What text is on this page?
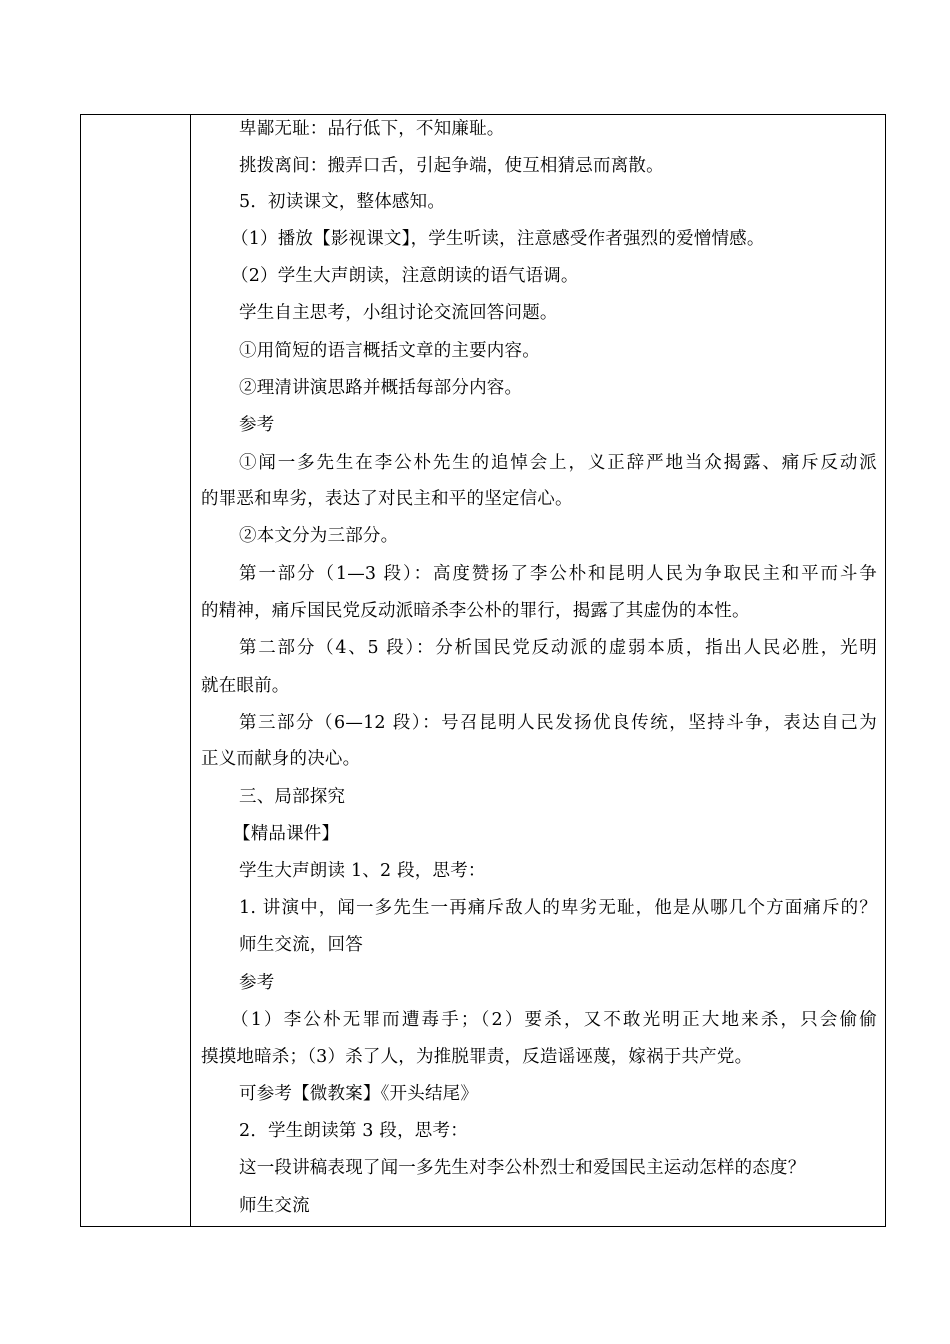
卑鄙无耻：品行低下，不知廉耻。
挑拨离间：搬弄口舌，引起争端，使互相猜忌而离散。
5．初读课文，整体感知。
（1）播放【影视课文】，学生听读，注意感受作者强烈的爱憎情感。
（2）学生大声朗读，注意朗读的语气语调。
学生自主思考，小组讨论交流回答问题。
①用简短的语言概括文章的主要内容。
②理清讲演思路并概括每部分内容。
参考
①闻一多先生在李公朴先生的追悼会上，义正辞严地当众揭露、痛斥反动派
的罪恶和卑劣，表达了对民主和平的坚定信心。
②本文分为三部分。
第一部分（1—3 段）：高度赞扬了李公朴和昆明人民为争取民主和平而斗争
的精神，痛斥国民党反动派暗杀李公朴的罪行，揭露了其虚伪的本性。
第二部分（4、5 段）：分析国民党反动派的虚弱本质，指出人民必胜，光明
就在眼前。
第三部分（6—12 段）：号召昆明人民发扬优良传统，坚持斗争，表达自己为
正义而献身的决心。
三、局部探究
【精品课件】
学生大声朗读 1、2 段，思考：
1. 讲演中，闻一多先生一再痛斥敌人的卑劣无耻，他是从哪几个方面痛斥的？
师生交流，回答
参考
（1）李公朴无罪而遭毒手；（2）要杀，又不敢光明正大地来杀，只会偷偷
摸摸地暗杀；（3）杀了人，为推脱罪责，反造谣诬蔑，嫁祸于共产党。
可参考【微教案】《开头结尾》
2．学生朗读第 3 段，思考：
这一段讲稿表现了闻一多先生对李公朴烈士和爱国民主运动怎样的态度？
师生交流
